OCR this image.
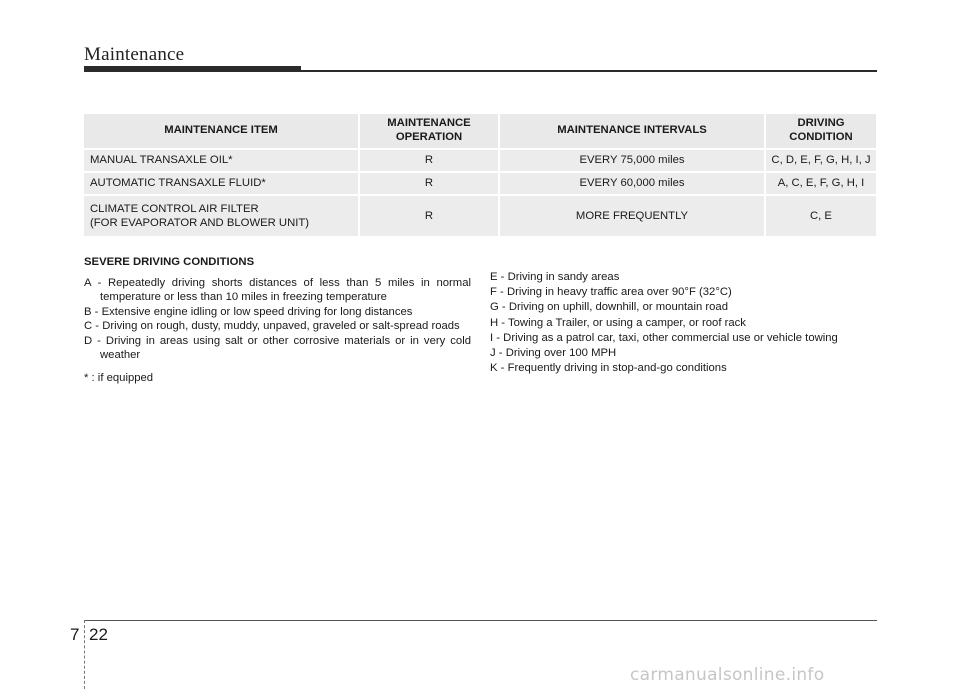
Maintenance
MAINTENANCE ITEM	MAINTENANCE OPERATION	MAINTENANCE INTERVALS	DRIVING CONDITION
MANUAL TRANSAXLE OIL*	R	EVERY 75,000 miles	C, D, E, F, G, H, I, J
AUTOMATIC TRANSAXLE FLUID*	R	EVERY 60,000 miles	A, C, E, F, G, H, I

CLIMATE CONTROL AIR FILTER
(FOR EVAPORATOR AND BLOWER UNIT)	R	MORE FREQUENTLY	C, E
SEVERE DRIVING CONDITIONS
A - Repeatedly driving shorts distances of less than 5 miles in normal temperature or less than 10 miles in freezing temperature
B - Extensive engine idling or low speed driving for long distances
C - Driving on rough, dusty, muddy, unpaved, graveled or salt-spread roads
D - Driving in areas using salt or other corrosive materials or in very cold weather
* : if equipped
E - Driving in sandy areas
F - Driving in heavy traffic area over 90°F (32°C)
G - Driving on uphill, downhill, or mountain road
H - Towing a Trailer, or using a camper, or roof rack
I - Driving as a patrol car, taxi, other commercial use or vehicle towing
J - Driving over 100 MPH
K - Frequently driving in stop-and-go conditions
7 22
carmanualsonline.info
